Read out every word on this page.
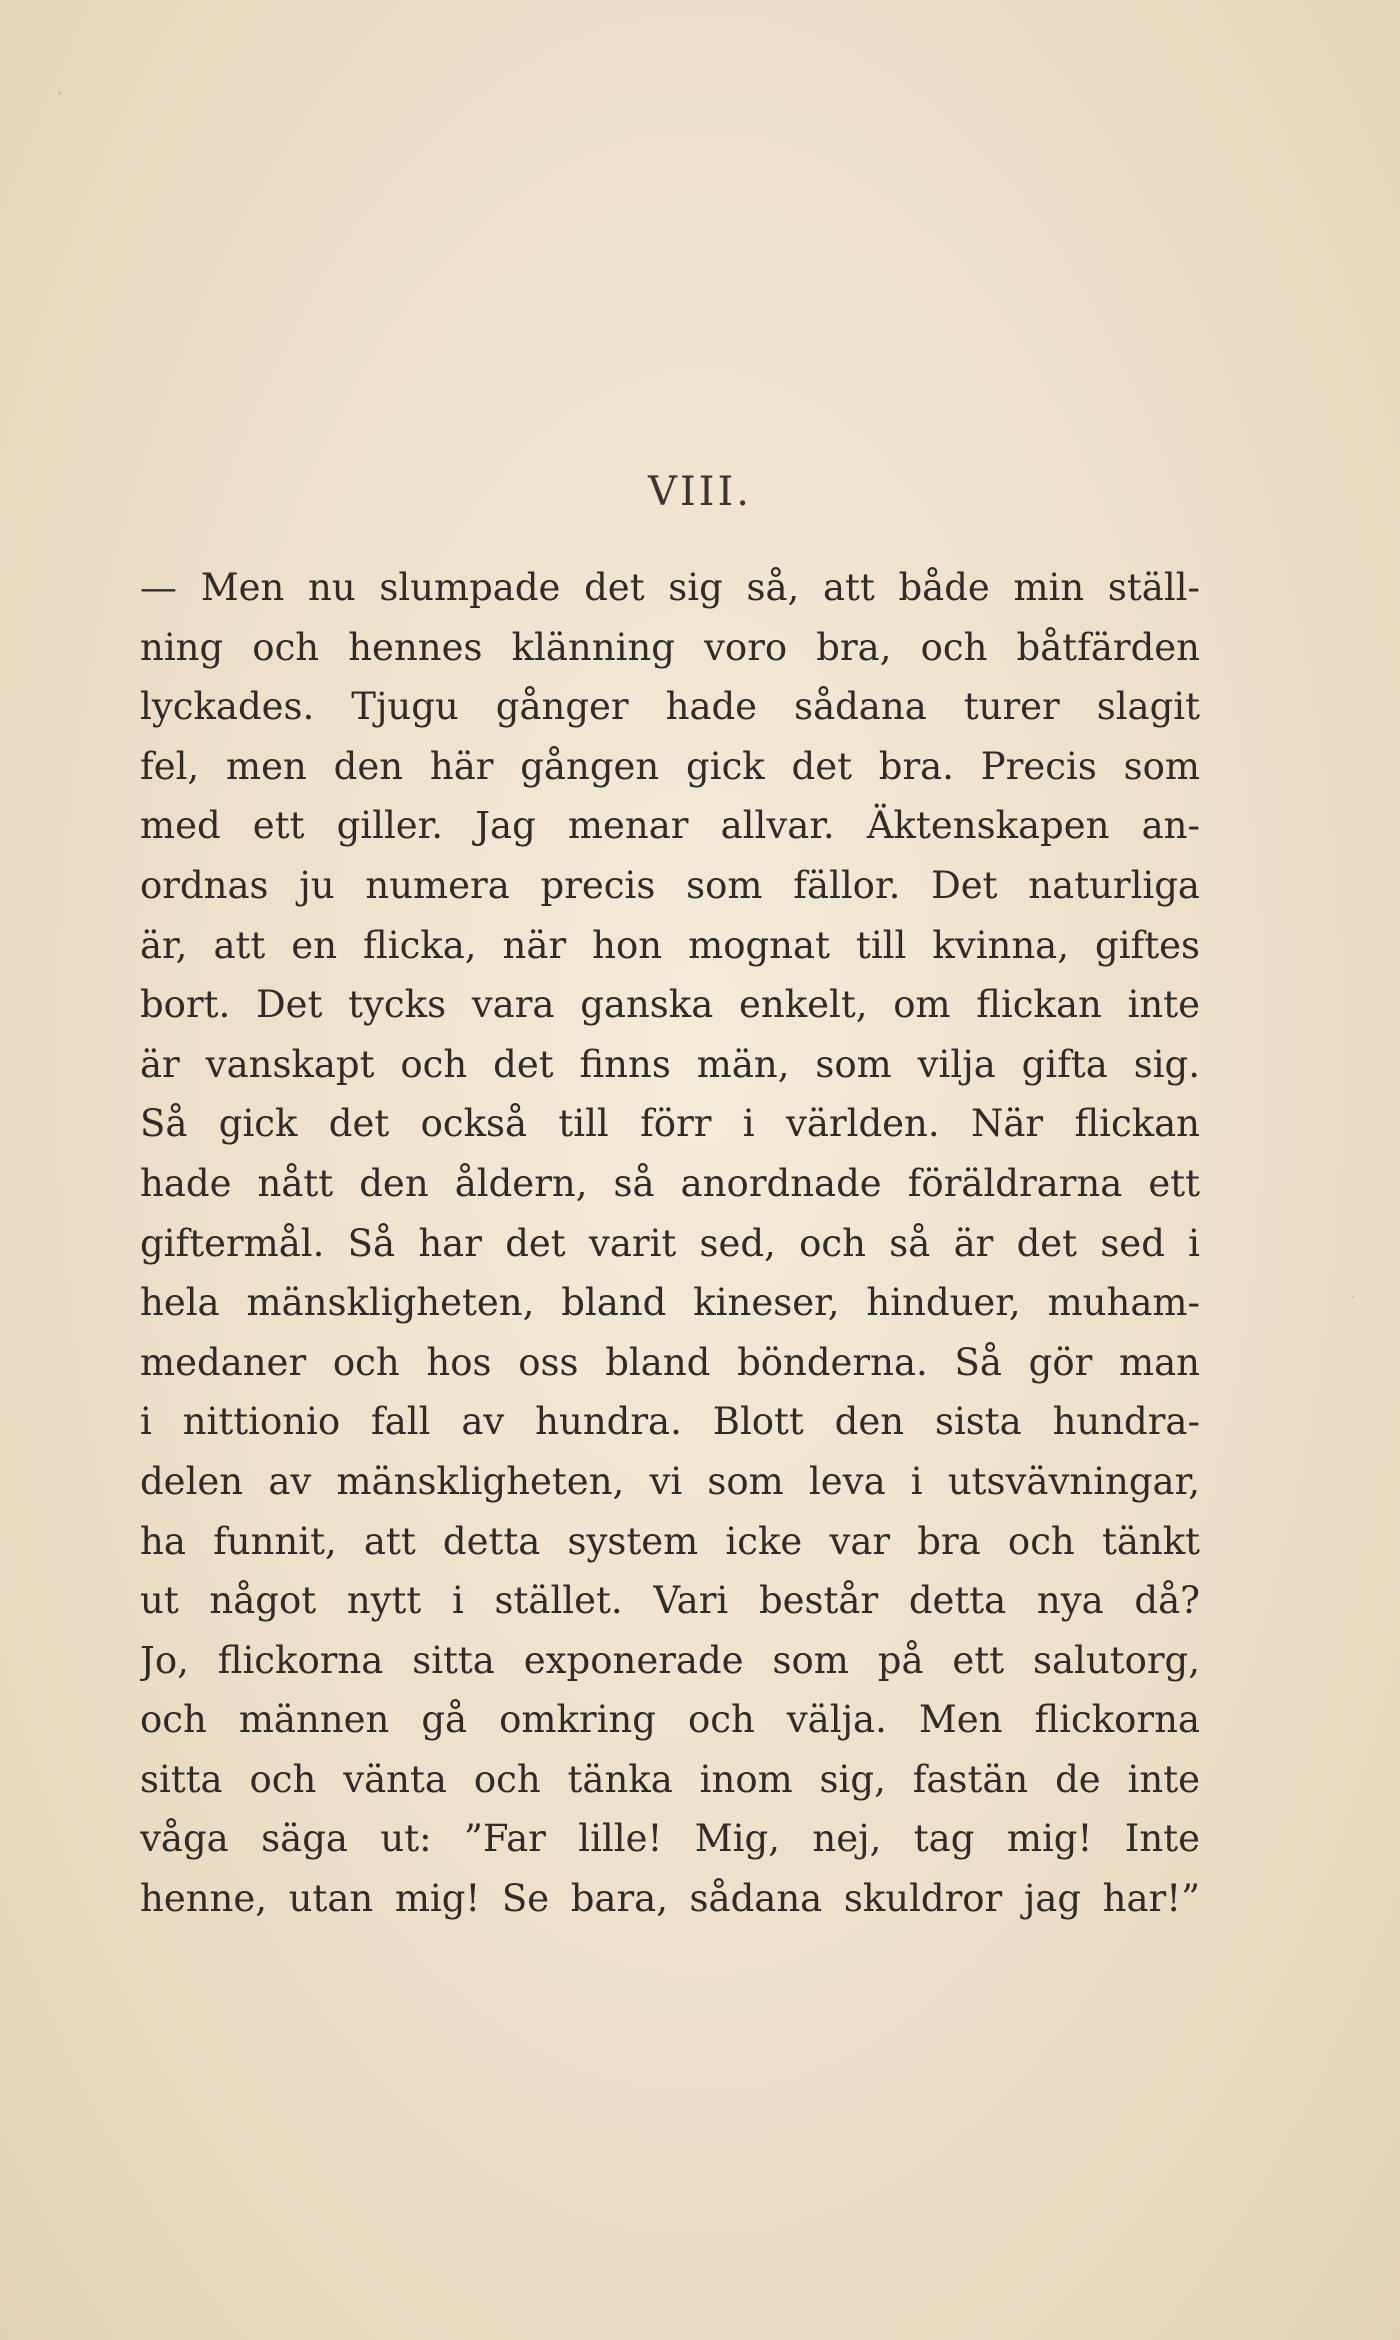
VIII.
— Men nu slumpade det sig så, att både min ställ-
ning och hennes klänning voro bra, och båtfärden
lyckades. Tjugu gånger hade sådana turer slagit
fel, men den här gången gick det bra. Precis som
med ett giller. Jag menar allvar. Äktenskapen an-
ordnas ju numera precis som fällor. Det naturliga
är, att en flicka, när hon mognat till kvinna, giftes
bort. Det tycks vara ganska enkelt, om flickan inte
är vanskapt och det finns män, som vilja gifta sig.
Så gick det också till förr i världen. När flickan
hade nått den åldern, så anordnade föräldrarna ett
giftermål. Så har det varit sed, och så är det sed i
hela mänskligheten, bland kineser, hinduer, muham-
medaner och hos oss bland bönderna. Så gör man
i nittionio fall av hundra. Blott den sista hundra-
delen av mänskligheten, vi som leva i utsvävningar,
ha funnit, att detta system icke var bra och tänkt
ut något nytt i stället. Vari består detta nya då?
Jo, flickorna sitta exponerade som på ett salutorg,
och männen gå omkring och välja. Men flickorna
sitta och vänta och tänka inom sig, fastän de inte
våga säga ut: ”Far lille! Mig, nej, tag mig! Inte
henne, utan mig! Se bara, sådana skuldror jag har!”
